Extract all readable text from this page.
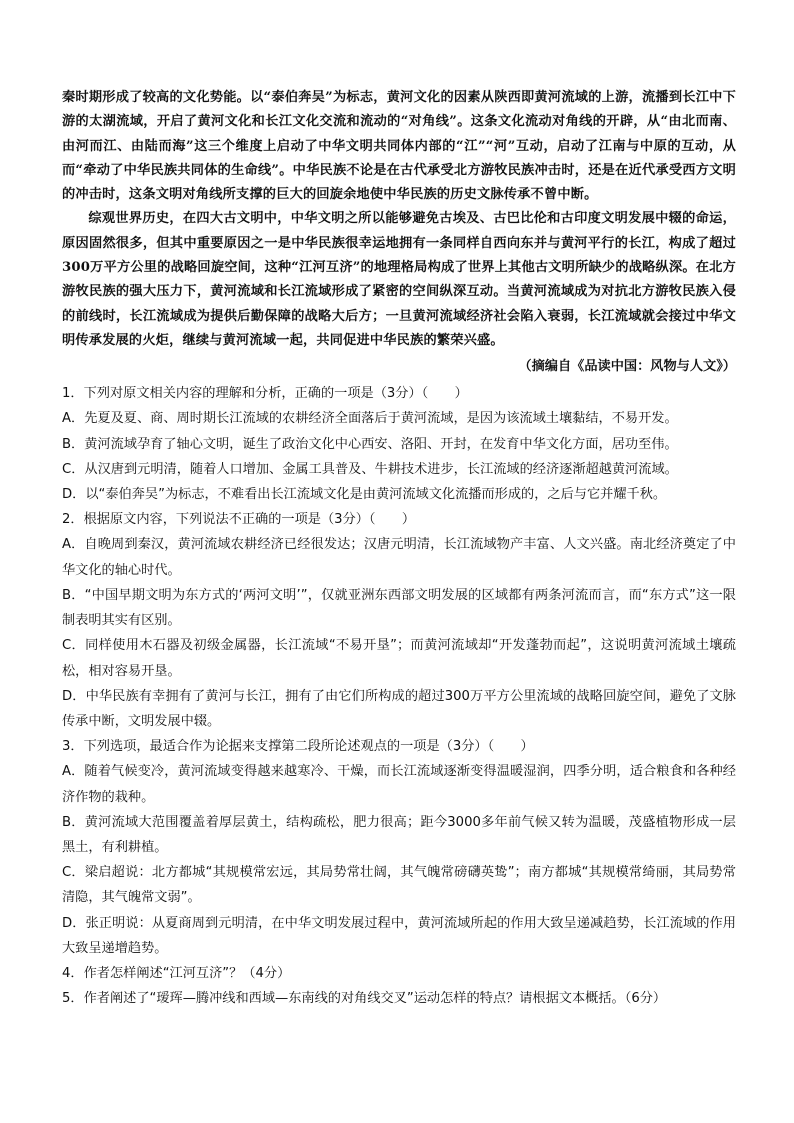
秦时期形成了较高的文化势能。以“泰伯奔吴”为标志，黄河文化的因素从陕西即黄河流域的上游，流播到长江中下游的太湖流域，开启了黄河文化和长江文化交流和流动的“对角线”。这条文化流动对角线的开辟，从“由北而南、由河而江、由陆而海”这三个维度上启动了中华文明共同体内部的“江”“河”互动，启动了江南与中原的互动，从而“牵动了中华民族共同体的生命线”。中华民族不论是在古代承受北方游牧民族冲击时，还是在近代承受西方文明的冲击时，这条文明对角线所支撑的巨大的回旋余地使中华民族的历史文脉传承不曾中断。

综观世界历史，在四大古文明中，中华文明之所以能够避免古埃及、古巴比伦和古印度文明发展中辍的命运，原因固然很多，但其中重要原因之一是中华民族很幸运地拥有一条同样自西向东并与黄河平行的长江，构成了超过300万平方公里的战略回旋空间，这种“江河互济”的地理格局构成了世界上其他古文明所缺少的战略纵深。在北方游牧民族的强大压力下，黄河流域和长江流域形成了紧密的空间纵深互动。当黄河流域成为对抗北方游牧民族入侵的前线时，长江流域成为提供后勤保障的战略大后方；一旦黄河流域经济社会陷入衰弱，长江流域就会接过中华文明传承发展的火炬，继续与黄河流域一起，共同促进中华民族的繁荣兴盛。

（摘编自《品读中国：风物与人文》）

1．下列对原文相关内容的理解和分析，正确的一项是（3分）（　　）

A．先夏及夏、商、周时期长江流域的农耕经济全面落后于黄河流域，是因为该流域土壤黏结，不易开发。

B．黄河流域孕育了轴心文明，诞生了政治文化中心西安、洛阳、开封，在发育中华文化方面，居功至伟。

C．从汉唐到元明清，随着人口增加、金属工具普及、牛耕技术进步，长江流域的经济逐渐超越黄河流域。

D．以“泰伯奔吴”为标志，不难看出长江流域文化是由黄河流域文化流播而形成的，之后与它并耀千秋。

2．根据原文内容，下列说法不正确的一项是（3分）（　　）

A．自晚周到秦汉，黄河流域农耕经济已经很发达；汉唐元明清，长江流域物产丰富、人文兴盛。南北经济奠定了中华文化的轴心时代。

B．“中国早期文明为东方式的‘两河文明’”，仅就亚洲东西部文明发展的区域都有两条河流而言，而“东方式”这一限制表明其实有区别。

C．同样使用木石器及初级金属器，长江流域“不易开垦”；而黄河流域却“开发蓬勃而起”，这说明黄河流域土壤疏松，相对容易开垦。

D．中华民族有幸拥有了黄河与长江，拥有了由它们所构成的超过300万平方公里流域的战略回旋空间，避免了文脉传承中断，文明发展中辍。

3．下列选项，最适合作为论据来支撑第二段所论述观点的一项是（3分）（　　）

A．随着气候变冷，黄河流域变得越来越寒冷、干燥，而长江流域逐渐变得温暖湿润，四季分明，适合粮食和各种经济作物的栽种。

B．黄河流域大范围覆盖着厚层黄土，结构疏松，肥力很高；距今3000多年前气候又转为温暖，茂盛植物形成一层黑土，有利耕植。

C．梁启超说：北方都城“其规模常宏远，其局势常壮阔，其气魄常磅礴英鸷”；南方都城“其规模常绮丽，其局势常清隐，其气魄常文弱”。

D．张正明说：从夏商周到元明清，在中华文明发展过程中，黄河流域所起的作用大致呈递减趋势，长江流域的作用大致呈递增趋势。

4．作者怎样阐述“江河互济”？（4分）

5．作者阐述了“瑷珲—腾冲线和西域—东南线的对角线交叉”运动怎样的特点？请根据文本概括。（6分）
